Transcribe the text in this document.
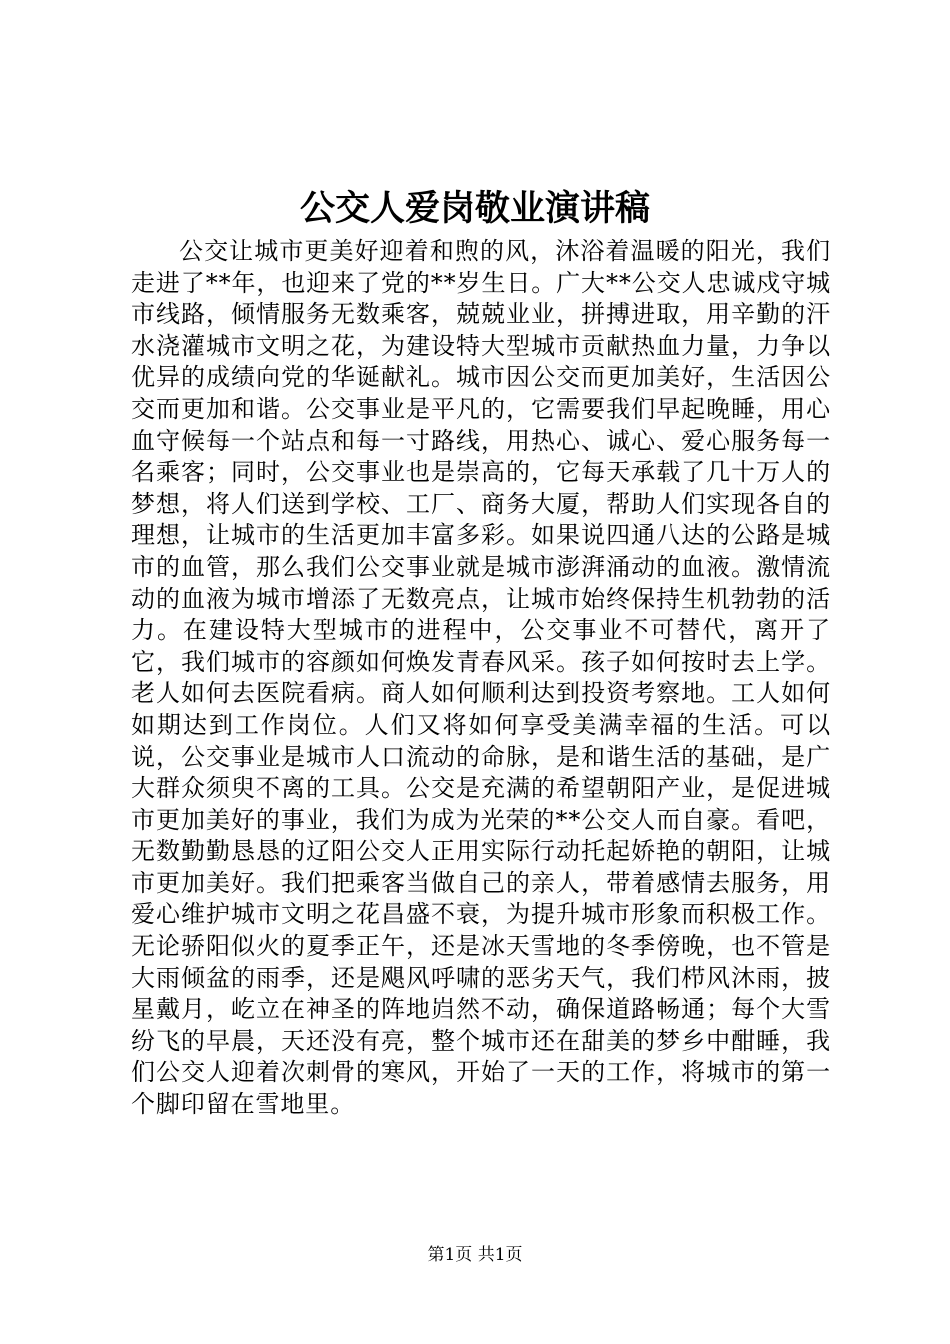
公交人爱岗敬业演讲稿

公交让城市更美好迎着和煦的风，沐浴着温暖的阳光，我们走进了**年，也迎来了党的**岁生日。广大**公交人忠诚戍守城市线路，倾情服务无数乘客，兢兢业业，拼搏进取，用辛勤的汗水浇灌城市文明之花，为建设特大型城市贡献热血力量，力争以优异的成绩向党的华诞献礼。城市因公交而更加美好，生活因公交而更加和谐。公交事业是平凡的，它需要我们早起晚睡，用心血守候每一个站点和每一寸路线，用热心、诚心、爱心服务每一名乘客；同时，公交事业也是崇高的，它每天承载了几十万人的梦想，将人们送到学校、工厂、商务大厦，帮助人们实现各自的理想，让城市的生活更加丰富多彩。如果说四通八达的公路是城市的血管，那么我们公交事业就是城市澎湃涌动的血液。激情流动的血液为城市增添了无数亮点，让城市始终保持生机勃勃的活力。在建设特大型城市的进程中，公交事业不可替代，离开了它，我们城市的容颜如何焕发青春风采。孩子如何按时去上学。老人如何去医院看病。商人如何顺利达到投资考察地。工人如何如期达到工作岗位。人们又将如何享受美满幸福的生活。可以说，公交事业是城市人口流动的命脉，是和谐生活的基础，是广大群众须臾不离的工具。公交是充满的希望朝阳产业，是促进城市更加美好的事业，我们为成为光荣的**公交人而自豪。看吧，无数勤勤恳恳的辽阳公交人正用实际行动托起娇艳的朝阳，让城市更加美好。我们把乘客当做自己的亲人，带着感情去服务，用爱心维护城市文明之花昌盛不衰，为提升城市形象而积极工作。无论骄阳似火的夏季正午，还是冰天雪地的冬季傍晚，也不管是大雨倾盆的雨季，还是飓风呼啸的恶劣天气，我们栉风沐雨，披星戴月，屹立在神圣的阵地岿然不动，确保道路畅通；每个大雪纷飞的早晨，天还没有亮，整个城市还在甜美的梦乡中酣睡，我们公交人迎着次刺骨的寒风，开始了一天的工作，将城市的第一个脚印留在雪地里。

第1页 共1页
